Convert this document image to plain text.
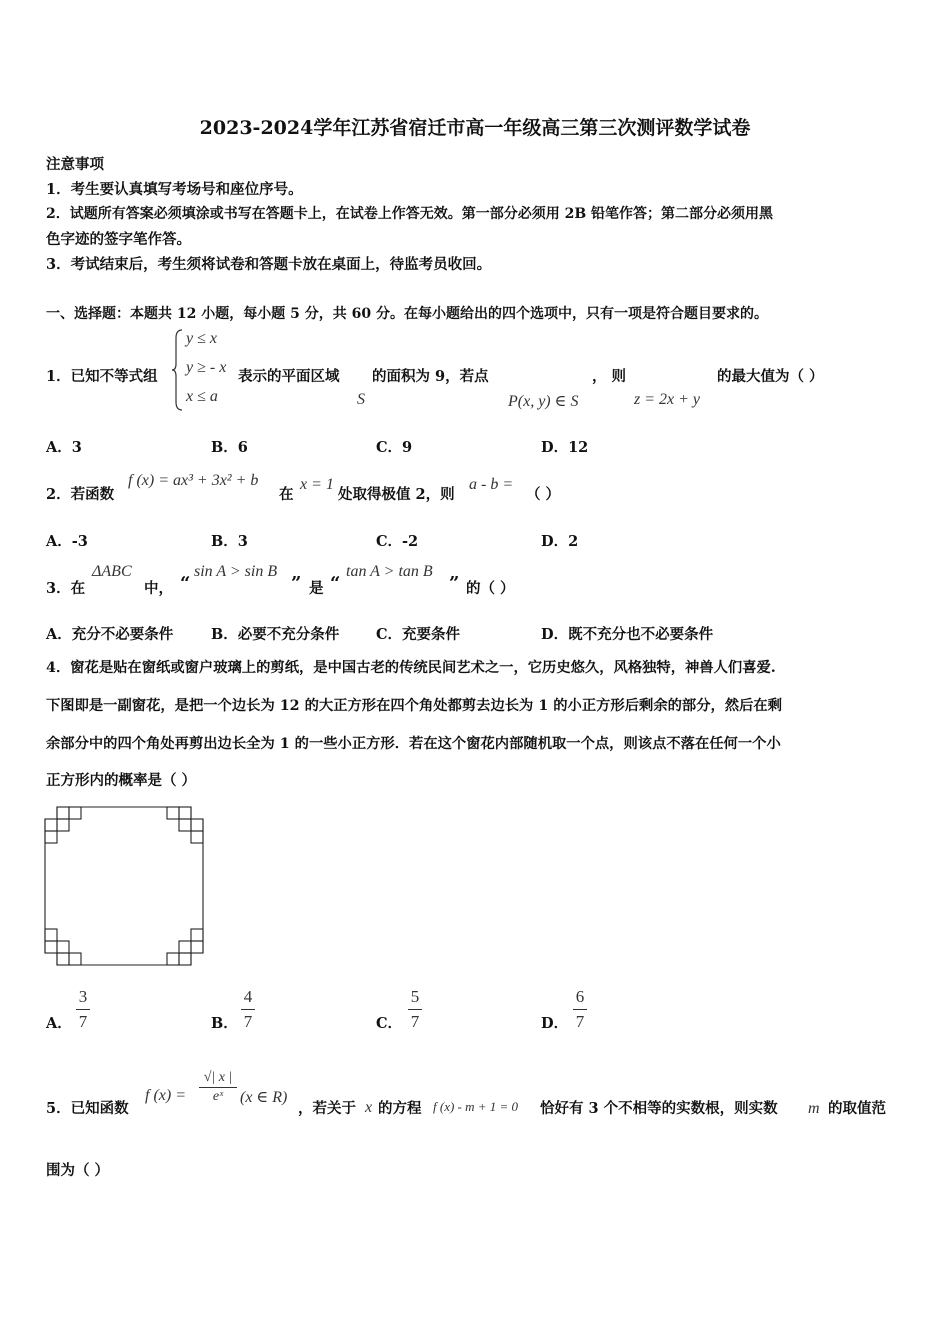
2023-2024学年江苏省宿迁市高一年级高三第三次测评数学试卷
注意事项
1．考生要认真填写考场号和座位序号。
2．试题所有答案必须填涂或书写在答题卡上，在试卷上作答无效。第一部分必须用 2B 铅笔作答；第二部分必须用黑
色字迹的签字笔作答。
3．考试结束后，考生须将试卷和答题卡放在桌面上，待监考员收回。
一、选择题：本题共 12 小题，每小题 5 分，共 60 分。在每小题给出的四个选项中，只有一项是符合题目要求的。
1．已知不等式组
y ≤ x
y ≥ - x
x ≤ a
表示的平面区域 的面积为 9，若点	， 则	的最大值为（ ）
S	P(x, y) ∈ S	z = 2x + y
A．3	B．6	C．9	D．12
2．若函数
f (x) = ax³ + 3x² + b
在
x = 1
处取得极值 2，则
a - b =
（ ）
A．-3	B．3	C．-2	D．2
3．在
ΔABC
中， “
sin A > sin B
” 是 “
tan A > tan B
” 的（ ）
A．充分不必要条件	B．必要不充分条件	C．充要条件	D．既不充分也不必要条件
4．窗花是贴在窗纸或窗户玻璃上的剪纸，是中国古老的传统民间艺术之一，它历史悠久，风格独特，神兽人们喜爱.
下图即是一副窗花，是把一个边长为 12 的大正方形在四个角处都剪去边长为 1 的小正方形后剩余的部分，然后在剩
余部分中的四个角处再剪出边长全为 1 的一些小正方形．若在这个窗花内部随机取一个点，则该点不落在任何一个小
正方形内的概率是（ ）
A．
3
7	B．
4
7	C．
5
7	D．
6
7
5．已知函数
f (x) =
√| x |
eˣ	(x ∈ R)
，若关于 x 的方程 f (x) - m + 1 = 0 恰好有 3 个不相等的实数根，则实数 m 的取值范
围为（ ）
